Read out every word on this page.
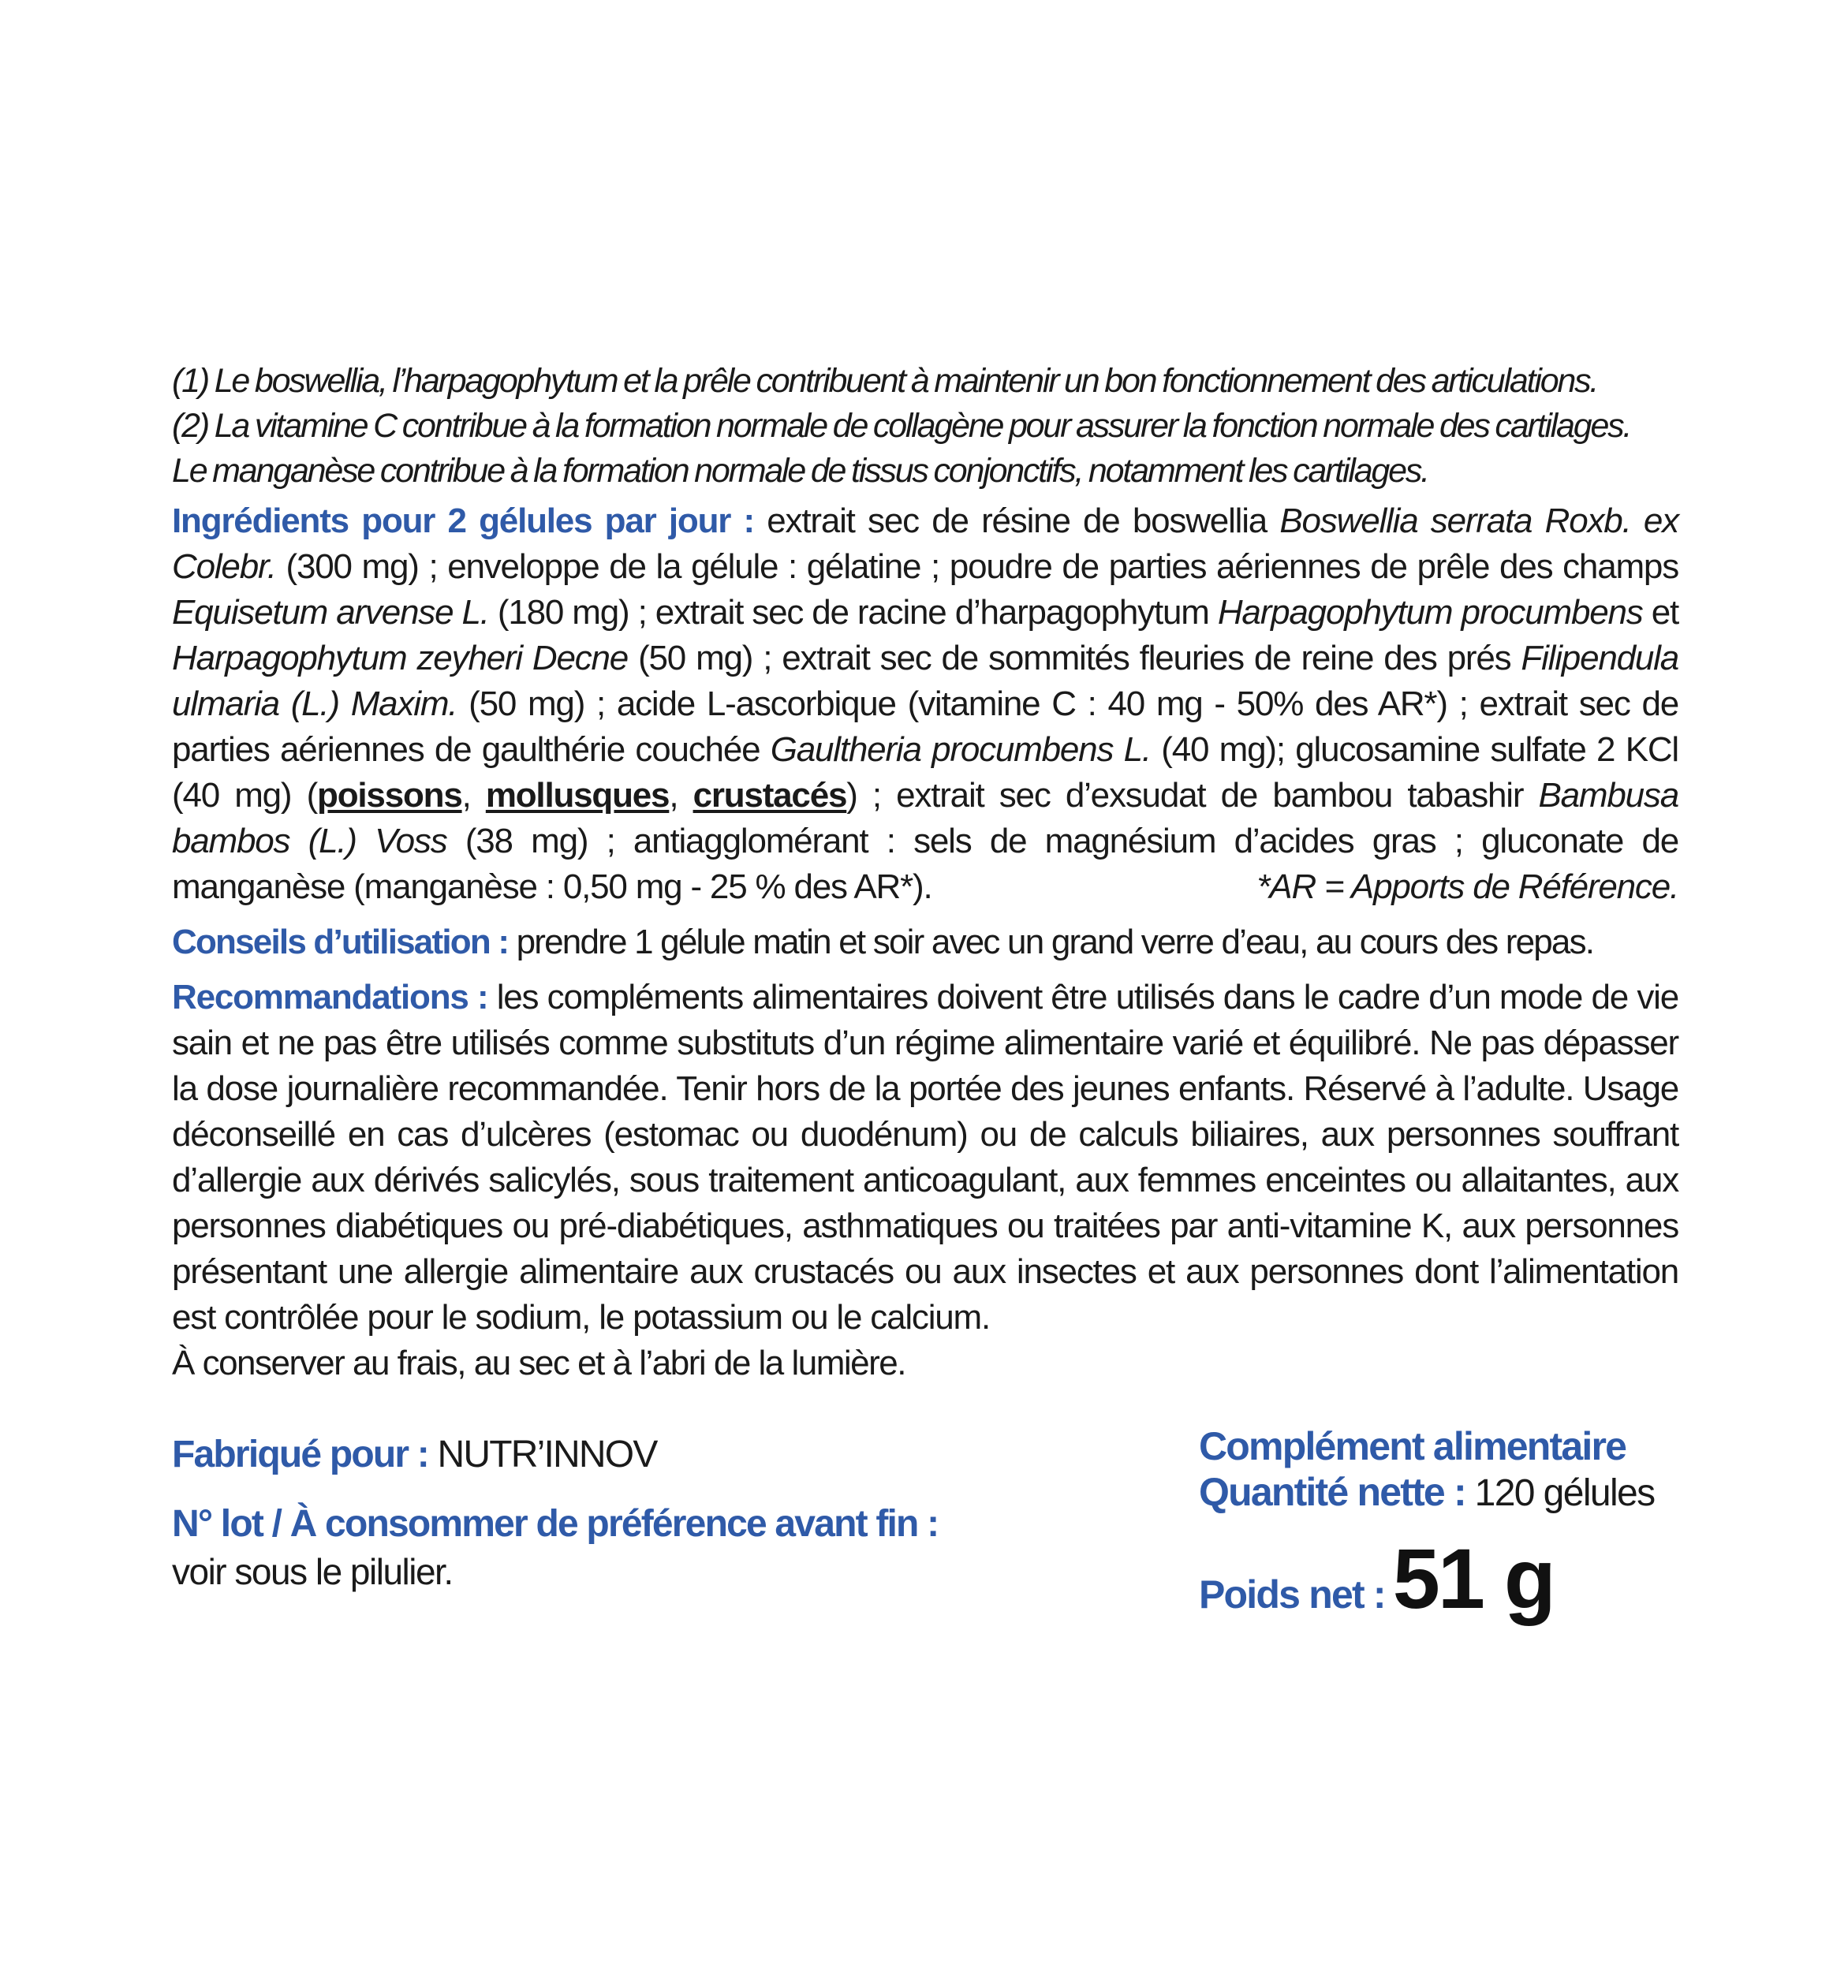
(1) Le boswellia, l’harpagophytum et la prêle contribuent à maintenir un bon fonctionnement des articulations.

(2) La vitamine C contribue à la formation normale de collagène pour assurer la fonction normale des cartilages.

Le manganèse contribue à la formation normale de tissus conjonctifs, notamment les cartilages.

Ingrédients pour 2 gélules par jour : extrait sec de résine de boswellia Boswellia serrata Roxb. ex Colebr. (300 mg) ; enveloppe de la gélule : gélatine ; poudre de parties aériennes de prêle des champs Equisetum arvense L. (180 mg) ; extrait sec de racine d’harpagophytum Harpagophytum procumbens et Harpagophytum zeyheri Decne (50 mg) ; extrait sec de sommités fleuries de reine des prés Filipendula ulmaria (L.) Maxim. (50 mg) ; acide L-ascorbique (vitamine C : 40 mg - 50% des AR*) ; extrait sec de parties aériennes de gaulthérie couchée Gaultheria procumbens L. (40 mg); glucosamine sulfate 2 KCl (40 mg) (poissons, mollusques, crustacés) ; extrait sec d’exsudat de bambou tabashir Bambusa bambos (L.) Voss (38 mg) ; antiagglomérant : sels de magnésium d’acides gras ; gluconate de manganèse (manganèse : 0,50 mg - 25 % des AR*).	*AR = Apports de Référence.

Conseils d’utilisation : prendre 1 gélule matin et soir avec un grand verre d’eau, au cours des repas.

Recommandations : les compléments alimentaires doivent être utilisés dans le cadre d’un mode de vie sain et ne pas être utilisés comme substituts d’un régime alimentaire varié et équilibré. Ne pas dépasser la dose journalière recommandée. Tenir hors de la portée des jeunes enfants. Réservé à l’adulte. Usage déconseillé en cas d’ulcères (estomac ou duodénum) ou de calculs biliaires, aux personnes souffrant d’allergie aux dérivés salicylés, sous traitement anticoagulant, aux femmes enceintes ou allaitantes, aux personnes diabétiques ou pré-diabétiques, asthmatiques ou traitées par anti-vitamine K, aux personnes présentant une allergie alimentaire aux crustacés ou aux insectes et aux personnes dont l’alimentation est contrôlée pour le sodium, le potassium ou le calcium.

À conserver au frais, au sec et à l’abri de la lumière.

Fabriqué pour : NUTR’INNOV

N° lot / À consommer de préférence avant fin :

voir sous le pilulier.

Complément alimentaire

Quantité nette : 120 gélules

Poids net : 51 g
